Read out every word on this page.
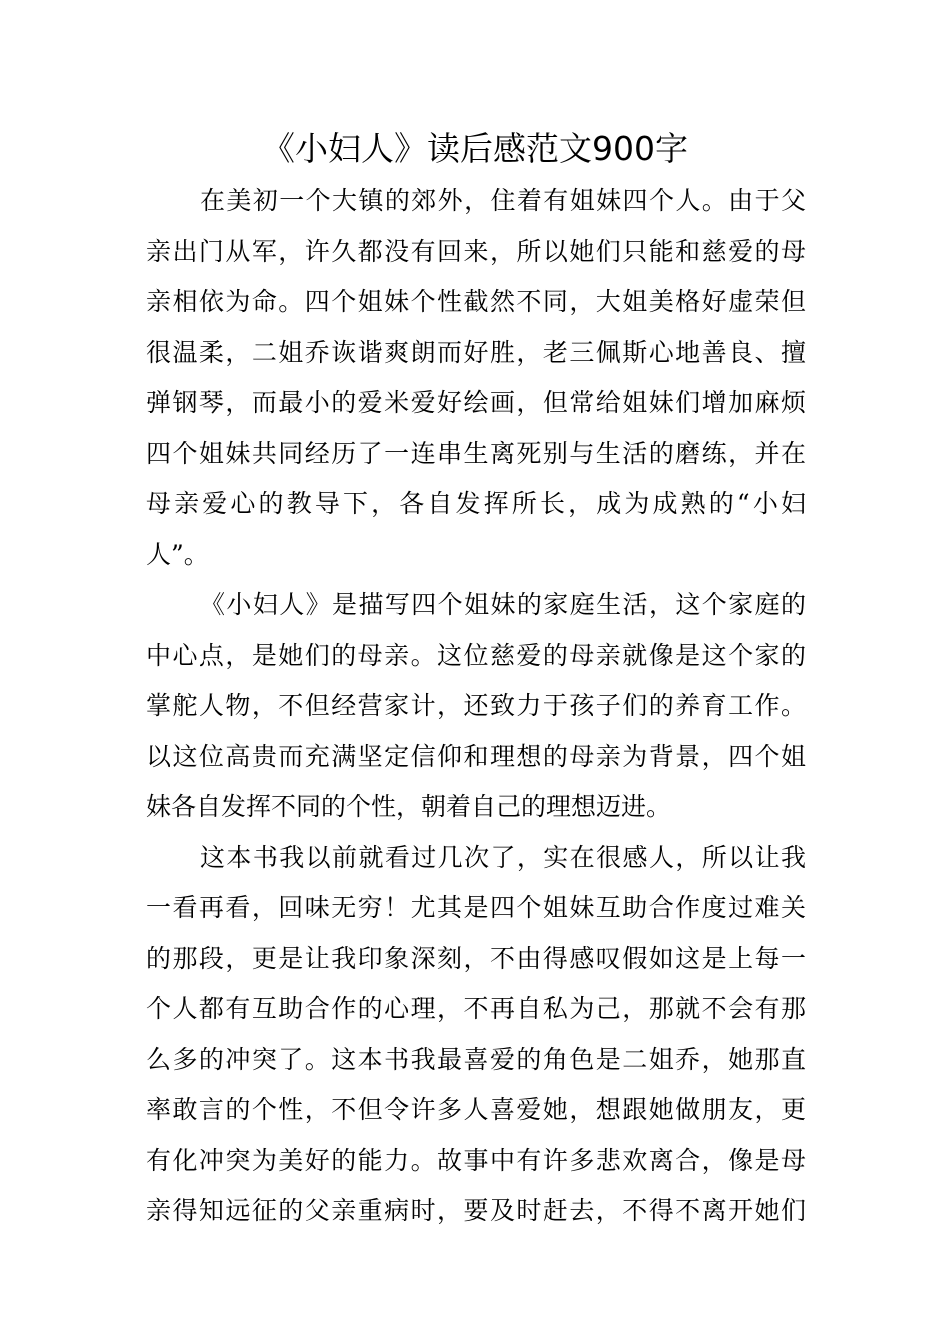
《小妇人》读后感范文900字
在美初一个大镇的郊外，住着有姐妹四个人。由于父
亲出门从军，许久都没有回来，所以她们只能和慈爱的母
亲相依为命。四个姐妹个性截然不同，大姐美格好虚荣但
很温柔，二姐乔诙谐爽朗而好胜，老三佩斯心地善良、擅
弹钢琴，而最小的爱米爱好绘画，但常给姐妹们增加麻烦
四个姐妹共同经历了一连串生离死别与生活的磨练，并在
母亲爱心的教导下，各自发挥所长，成为成熟的“小妇
人”。
《小妇人》是描写四个姐妹的家庭生活，这个家庭的
中心点，是她们的母亲。这位慈爱的母亲就像是这个家的
掌舵人物，不但经营家计，还致力于孩子们的养育工作。
以这位高贵而充满坚定信仰和理想的母亲为背景，四个姐
妹各自发挥不同的个性，朝着自己的理想迈进。
这本书我以前就看过几次了，实在很感人，所以让我
一看再看，回味无穷！尤其是四个姐妹互助合作度过难关
的那段，更是让我印象深刻，不由得感叹假如这是上每一
个人都有互助合作的心理，不再自私为己，那就不会有那
么多的冲突了。这本书我最喜爱的角色是二姐乔，她那直
率敢言的个性，不但令许多人喜爱她，想跟她做朋友，更
有化冲突为美好的能力。故事中有许多悲欢离合，像是母
亲得知远征的父亲重病时，要及时赶去，不得不离开她们
